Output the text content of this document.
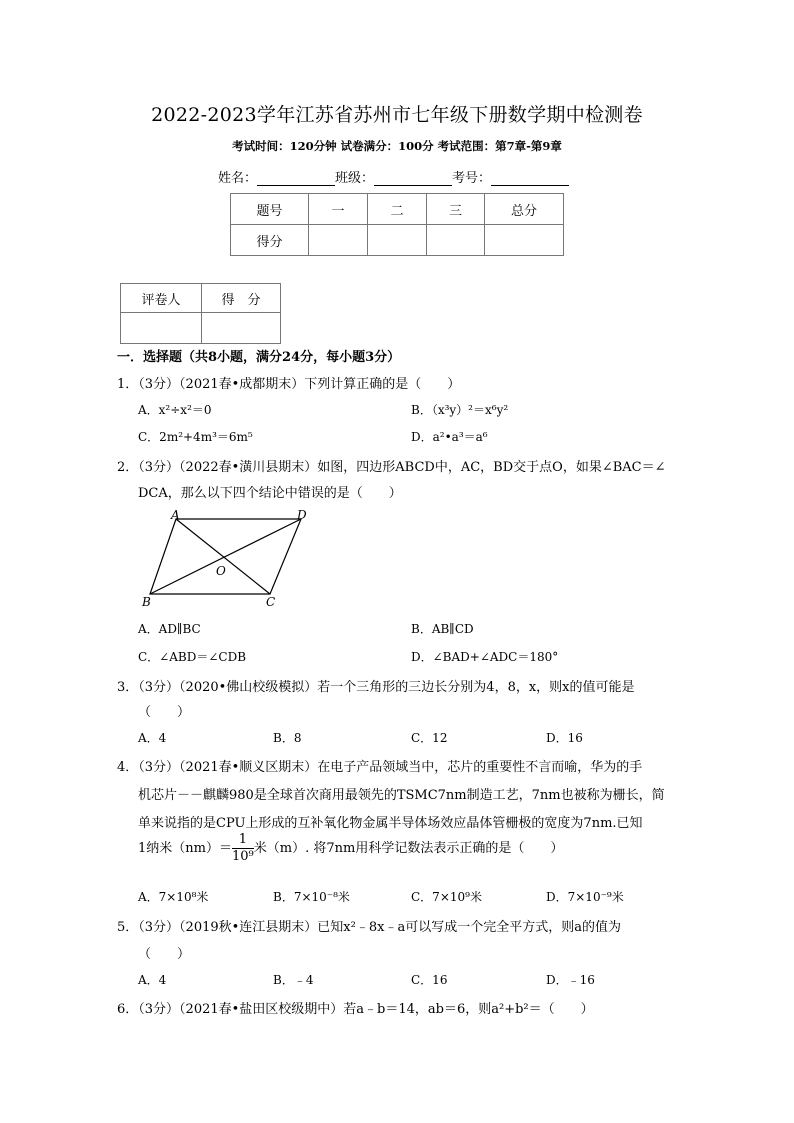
2022-2023学年江苏省苏州市七年级下册数学期中检测卷
考试时间：120分钟 试卷满分：100分 考试范围：第7章-第9章
姓名：	班级：	考号：
题号	一	二	三	总分
得分				
评卷人	得　分

一．选择题（共8小题，满分24分，每小题3分）
1．（3分）（2021春•成都期末）下列计算正确的是（　　）
A．x²÷x²＝0	B．（x³y）²＝x⁶y²
C．2m²+4m³＝6m⁵	D．a²•a³＝a⁶
2．（3分）（2022春•潢川县期末）如图，四边形ABCD中，AC，BD交于点O，如果∠BAC＝∠
DCA，那么以下四个结论中错误的是（　　）
A	D
O
B	C
A．AD∥BC	B．AB∥CD
C．∠ABD＝∠CDB	D．∠BAD+∠ADC＝180°
3．（3分）（2020•佛山校级模拟）若一个三角形的三边长分别为4，8，x，则x的值可能是
（　　）
A．4	B．8	C．12	D．16
4．（3分）（2021春•顺义区期末）在电子产品领域当中，芯片的重要性不言而喻，华为的手
机芯片－－麒麟980是全球首次商用最领先的TSMC7nm制造工艺，7nm也被称为栅长，简
单来说指的是CPU上形成的互补氧化物金属半导体场效应晶体管栅极的宽度为7nm.已知
1纳米$(nm)= \frac{1}{\text{10⁹}}$ 米（m）. 将7nm用科学记数法表示正确的是（　　）
A．7×10⁸米	B．7×10⁻⁸米	C．7×10⁹米	D．7×10⁻⁹米
5．（3分）（2019秋•连江县期末）已知x²﹣8x﹣a可以写成一个完全平方式，则a的值为
（　　）
A．4	B．﹣4	C．16	D．﹣16
6．（3分）（2021春•盐田区校级期中）若a﹣b＝14，ab＝6，则a²+b²＝（　　）
